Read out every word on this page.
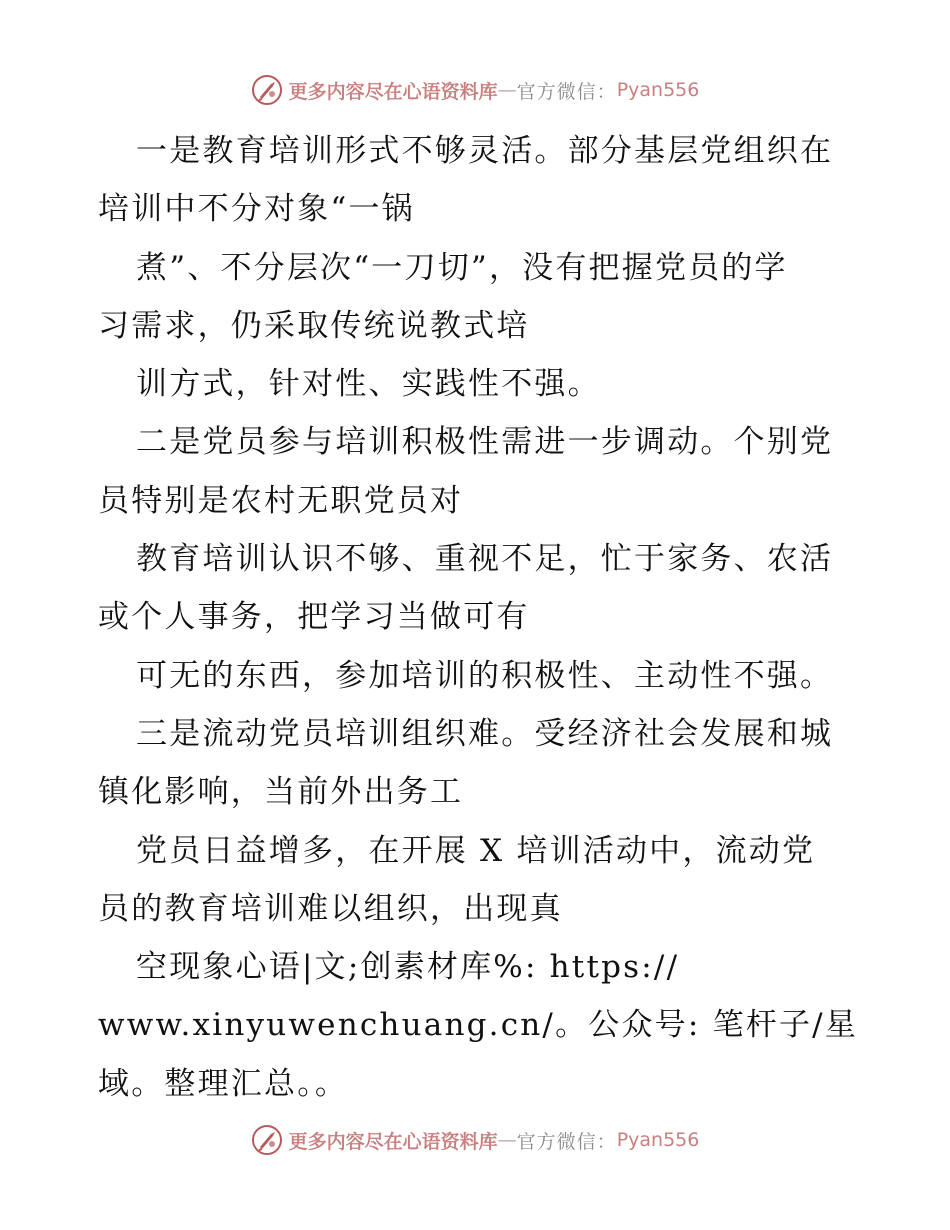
更多内容尽在心语资料库 — 官方微信： Pyan556
一是教育培训形式不够灵活。部分基层党组织在
培训中不分对象“一锅
煮”、不分层次“一刀切”，没有把握党员的学
习需求，仍采取传统说教式培
训方式，针对性、实践性不强。
二是党员参与培训积极性需进一步调动。个别党
员特别是农村无职党员对
教育培训认识不够、重视不足，忙于家务、农活
或个人事务，把学习当做可有
可无的东西，参加培训的积极性、主动性不强。
三是流动党员培训组织难。受经济社会发展和城
镇化影响，当前外出务工
党员日益增多，在开展 X 培训活动中，流动党
员的教育培训难以组织，出现真
空现象心语|文;创素材库%: https://
www.xinyuwenchuang.cn/。公众号: 笔杆子/星
域。整理汇总。。
更多内容尽在心语资料库 — 官方微信： Pyan556
